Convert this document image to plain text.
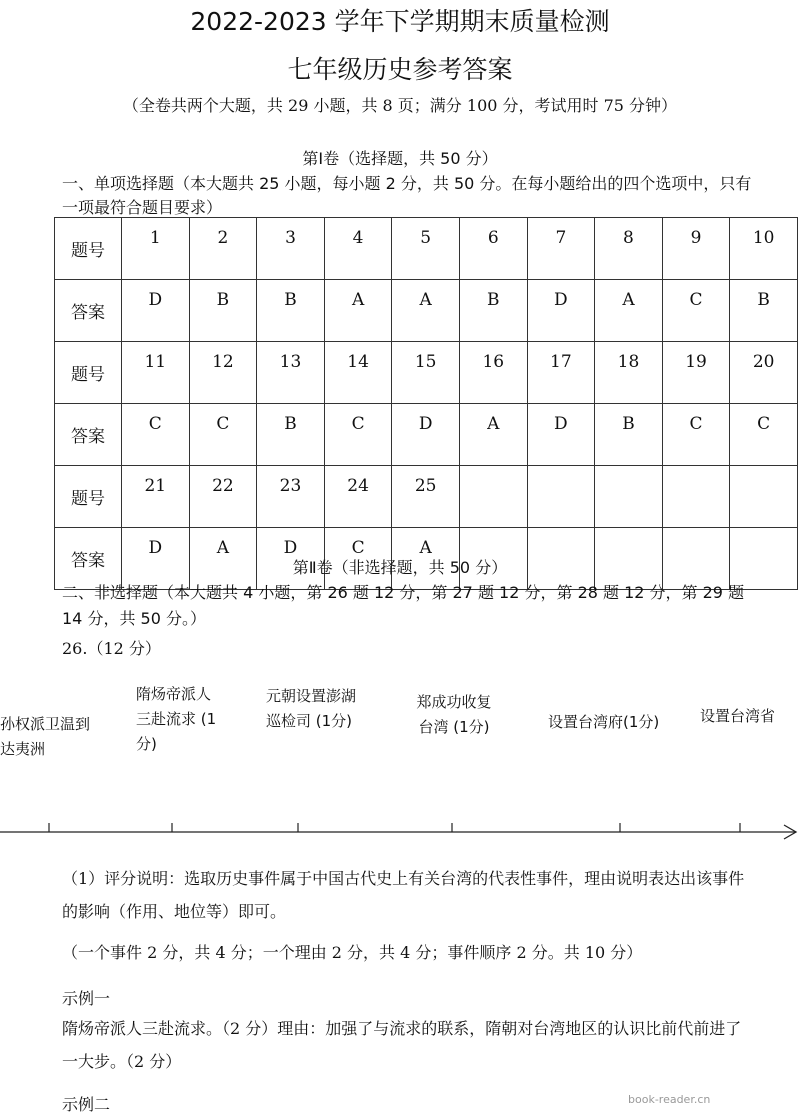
2022-2023 学年下学期期末质量检测
七年级历史参考答案
（全卷共两个大题，共 29 小题，共 8 页；满分 100 分，考试用时 75 分钟）
第Ⅰ卷（选择题，共 50 分）
一、单项选择题（本大题共 25 小题，每小题 2 分，共 50 分。在每小题给出的四个选项中，只有一项最符合题目要求）
题号	1	2	3	4	5	6	7	8	9	10
答案	D	B	B	A	A	B	D	A	C	B
题号	11	12	13	14	15	16	17	18	19	20
答案	C	C	B	C	D	A	D	B	C	C
题号	21	22	23	24	25					
答案	D	A	D	C	A					
第Ⅱ卷（非选择题，共 50 分）
二、非选择题（本大题共 4 小题，第 26 题 12 分，第 27 题 12 分，第 28 题 12 分，第 29 题 14 分，共 50 分。）
26.（12 分）
孙权派卫温到达夷洲
隋炀帝派人三赴流求 (1分)
元朝设置澎湖巡检司 (1分)
郑成功收复台湾 (1分)	设置台湾府(1分)	设置台湾省
（1）评分说明：选取历史事件属于中国古代史上有关台湾的代表性事件，理由说明表达出该事件的影响（作用、地位等）即可。
（一个事件 2 分，共 4 分；一个理由 2 分，共 4 分；事件顺序 2 分。共 10 分）
示例一
隋炀帝派人三赴流求。（2 分）理由：加强了与流求的联系，隋朝对台湾地区的认识比前代前进了一大步。（2 分）
示例二	book-reader.cn
